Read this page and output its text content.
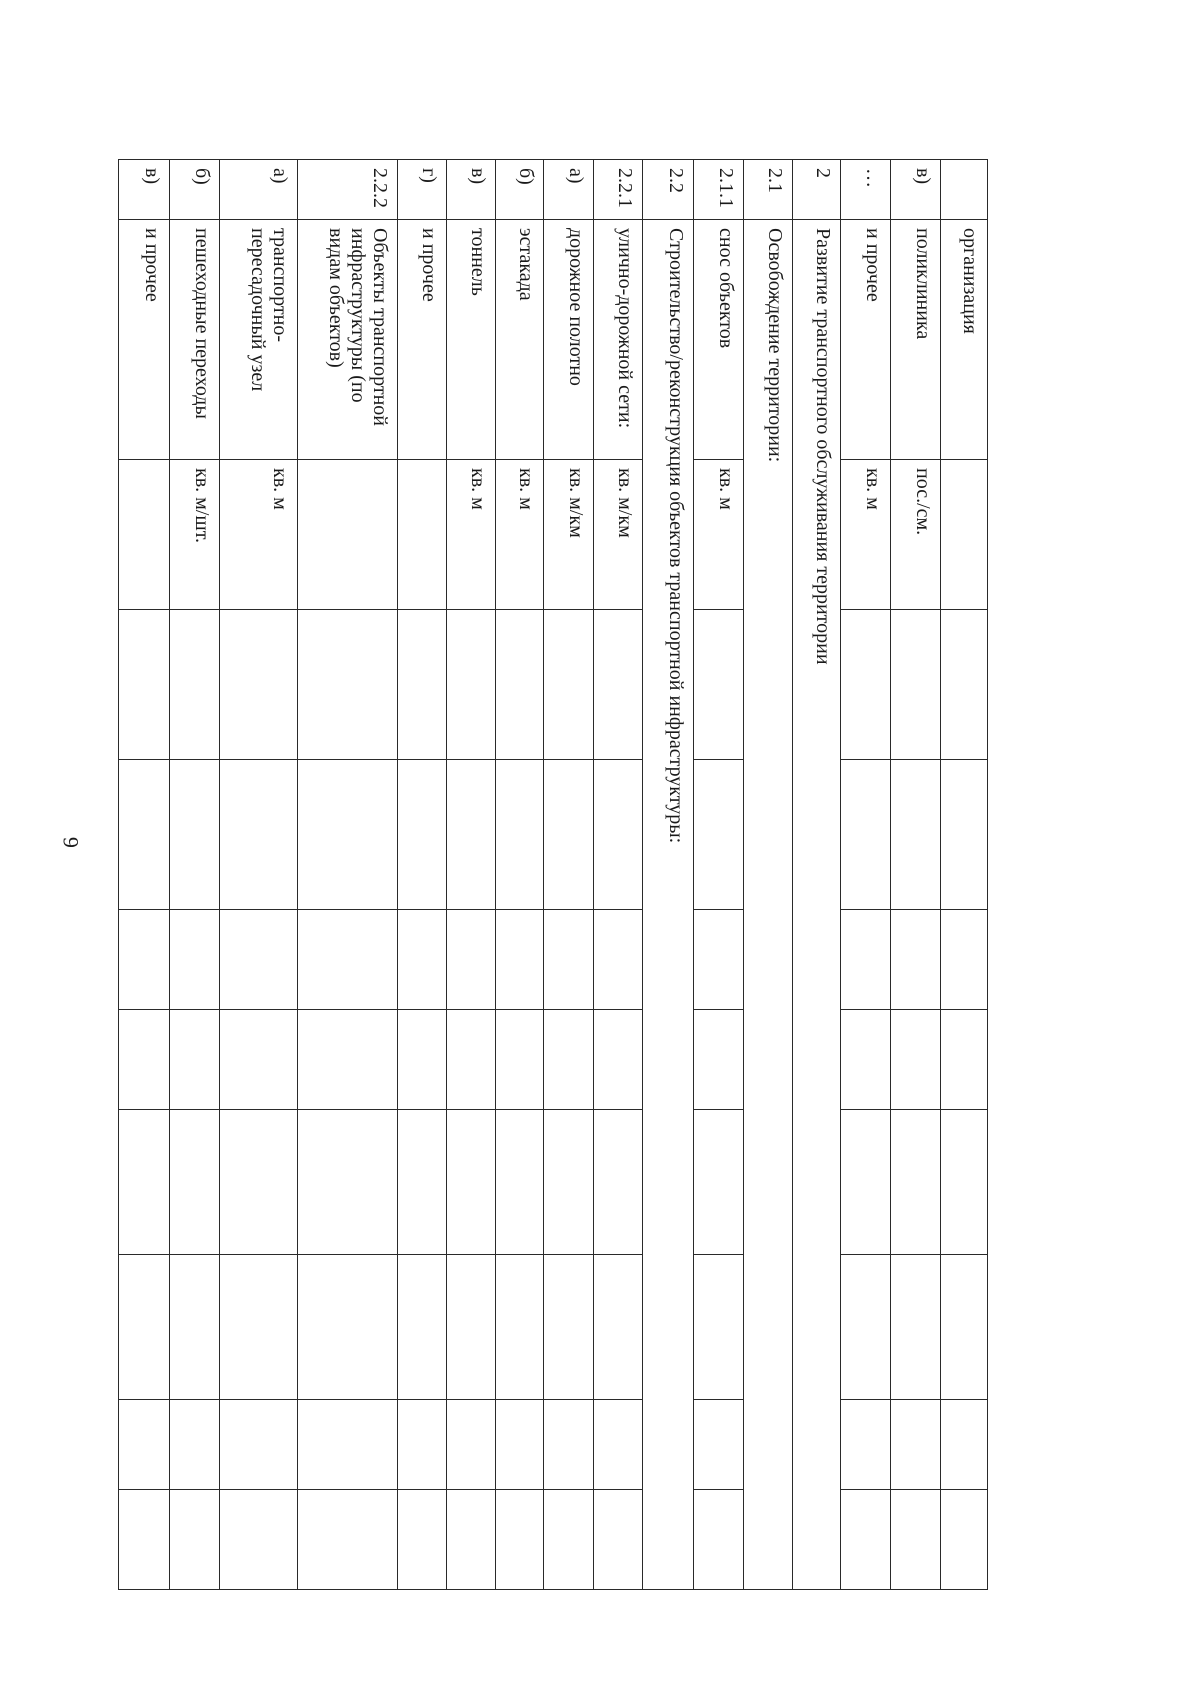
6
	организация									
в)	поликлиника	пос./см.								
…	и прочее	кв. м								
2	Развитие транспортного обслуживания территории									
2.1	Освобождение территории:									
2.1.1	снос объектов	кв. м								
2.2	Строительство/реконструкция объектов транспортной инфраструктуры:									
2.2.1	улично-дорожной сети:	кв. м/км								
а)	дорожное полотно	кв. м/км								
б)	эстакада	кв. м								
в)	тоннель	кв. м								
г)	и прочее									
2.2.2	Объекты транспортной инфраструктуры (по видам объектов)									
а)	транспортно-пересадочный узел	кв. м								
б)	пешеходные переходы	кв. м/шт.								
в)	и прочее									
